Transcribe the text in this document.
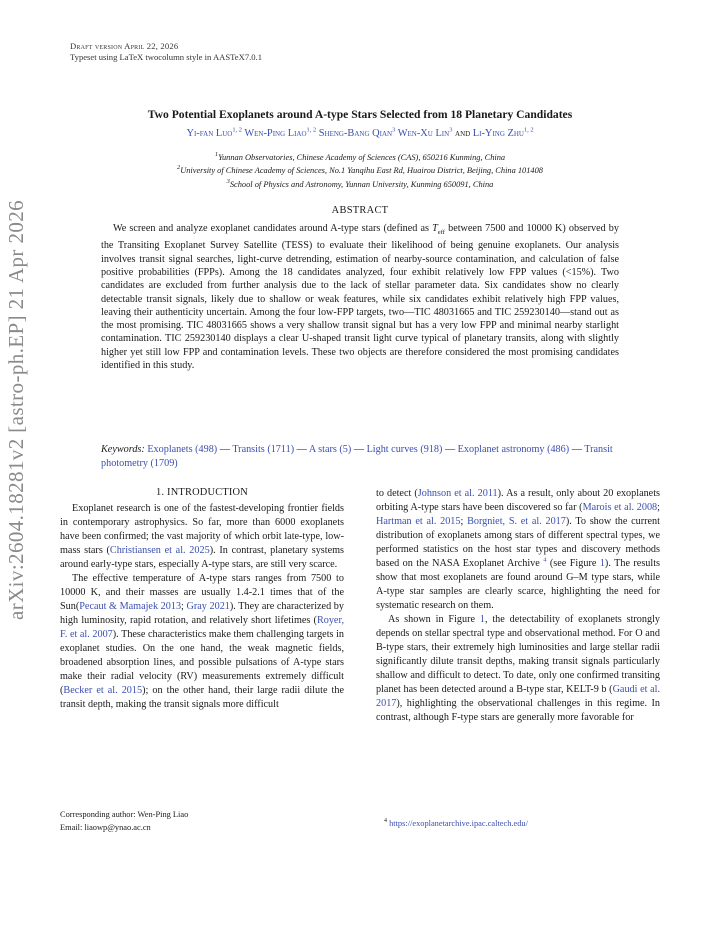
Draft version April 22, 2026
Typeset using LaTeX twocolumn style in AASTeX7.0.1
arXiv:2604.18281v2 [astro-ph.EP] 21 Apr 2026
Two Potential Exoplanets around A-type Stars Selected from 18 Planetary Candidates
Yi-fan Luo$^{1, 2}$ Wen-Ping Liao$^{1, 2}$ Sheng-Bang Qian$^3$ Wen-Xu Lin$^3$ and Li-Ying Zhu$^{1, 2}$
$^1$Yunnan Observatories, Chinese Academy of Sciences (CAS), 650216 Kunming, China
$^2$University of Chinese Academy of Sciences, No.1 Yanqihu East Rd, Huairou District, Beijing, China 101408
$^3$School of Physics and Astronomy, Yunnan University, Kunming 650091, China
ABSTRACT
We screen and analyze exoplanet candidates around A-type stars (defined as $T_{eff}$ between 7500 and 10000 K) observed by the Transiting Exoplanet Survey Satellite (TESS) to evaluate their likelihood of being genuine exoplanets. Our analysis involves transit signal searches, light-curve detrending, estimation of nearby-source contamination, and calculation of false positive probabilities (FPPs). Among the 18 candidates analyzed, four exhibit relatively low FPP values (<15%). Two candidates are excluded from further analysis due to the lack of stellar parameter data. Six candidates show no clearly detectable transit signals, likely due to shallow or weak features, while six candidates exhibit relatively high FPP values, leaving their authenticity uncertain. Among the four low-FPP targets, two—TIC 48031665 and TIC 259230140—stand out as the most promising. TIC 48031665 shows a very shallow transit signal but has a very low FPP and minimal nearby starlight contamination. TIC 259230140 displays a clear U-shaped transit light curve typical of planetary transits, along with slightly higher yet still low FPP and contamination levels. These two objects are therefore considered the most promising candidates identified in this study.
Keywords: Exoplanets (498) — Transits (1711) — A stars (5) — Light curves (918) — Exoplanet astronomy (486) — Transit photometry (1709)
1. INTRODUCTION

Exoplanet research is one of the fastest-developing frontier fields in contemporary astrophysics. So far, more than 6000 exoplanets have been confirmed; the vast majority of which orbit late-type, low-mass stars (Christiansen et al. 2025). In contrast, planetary systems around early-type stars, especially A-type stars, are still very scarce.

The effective temperature of A-type stars ranges from 7500 to 10000 K, and their masses are usually 1.4-2.1 times that of the Sun(Pecaut & Mamajek 2013; Gray 2021). They are characterized by high luminosity, rapid rotation, and relatively short lifetimes (Royer, F. et al. 2007). These characteristics make them challenging targets in exoplanet studies. On the one hand, the weak magnetic fields, broadened absorption lines, and possible pulsations of A-type stars make their radial velocity (RV) measurements extremely difficult (Becker et al. 2015); on the other hand, their large radii dilute the transit depth, making the transit signals more difficult

to detect (Johnson et al. 2011). As a result, only about 20 exoplanets orbiting A-type stars have been discovered so far (Marois et al. 2008; Hartman et al. 2015; Borgniet, S. et al. 2017). To show the current distribution of exoplanets among stars of different spectral types, we performed statistics on the host star types and discovery methods based on the NASA Exoplanet Archive $^4$ (see Figure 1). The results show that most exoplanets are found around G–M type stars, while A-type star samples are clearly scarce, highlighting the need for systematic research on them.

As shown in Figure 1, the detectability of exoplanets strongly depends on stellar spectral type and observational method. For O and B-type stars, their extremely high luminosities and large stellar radii significantly dilute transit depths, making transit signals particularly shallow and difficult to detect. To date, only one confirmed transiting planet has been detected around a B-type star, KELT-9 b (Gaudi et al. 2017), highlighting the observational challenges in this regime. In contrast, although F-type stars are generally more favorable for

Corresponding author: Wen-Ping Liao
Email: liaowp@ynao.ac.cn
$^4$ https://exoplanetarchive.ipac.caltech.edu/
